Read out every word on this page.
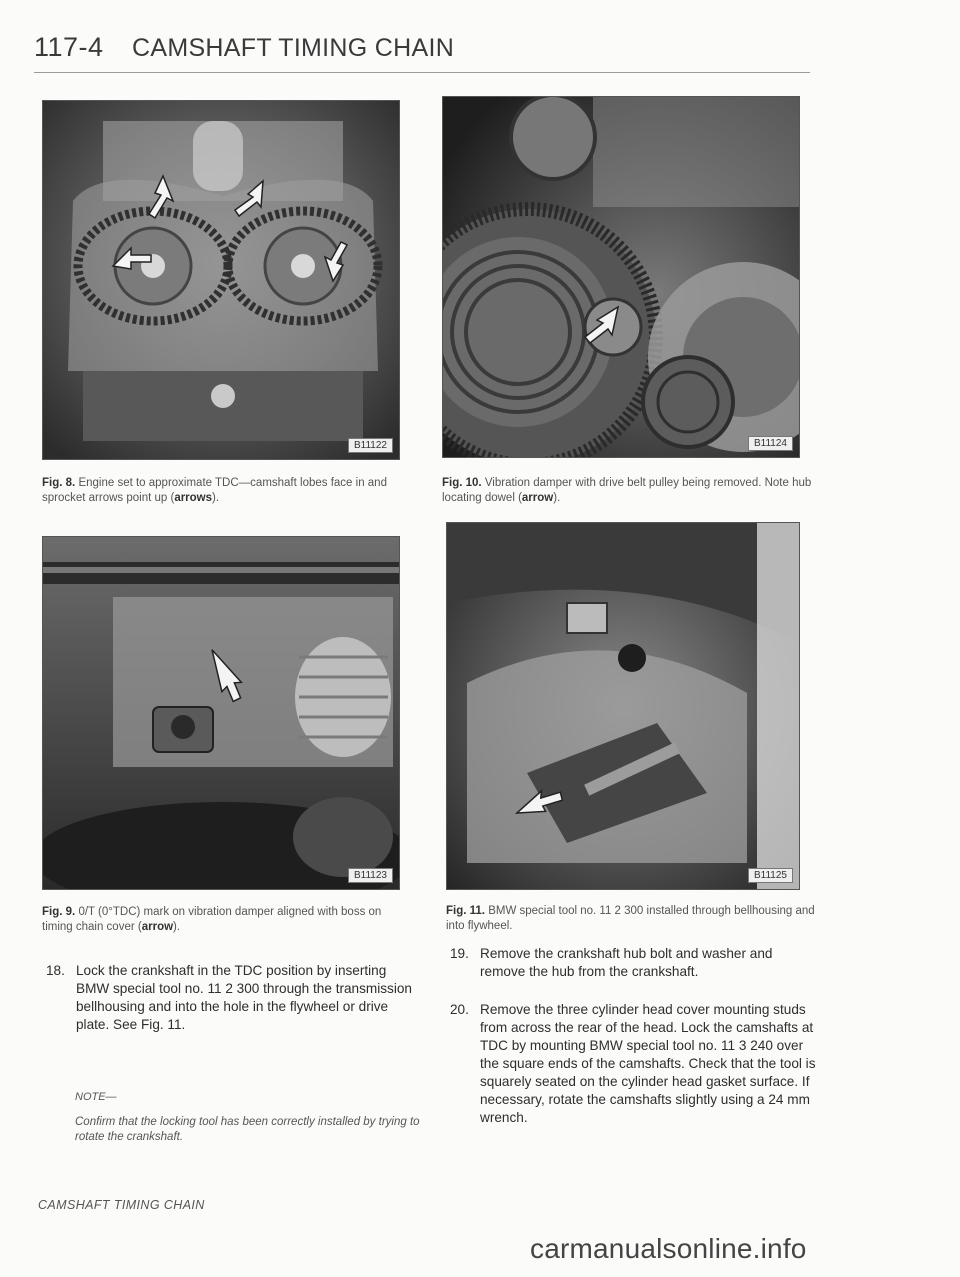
117-4 CAMSHAFT TIMING CHAIN
B11122
Fig. 8. Engine set to approximate TDC—camshaft lobes face in and sprocket arrows point up (arrows).
B11124
Fig. 10. Vibration damper with drive belt pulley being removed. Note hub locating dowel (arrow).
B11123
Fig. 9. 0/T (0°TDC) mark on vibration damper aligned with boss on timing chain cover (arrow).
B11125
Fig. 11. BMW special tool no. 11 2 300 installed through bellhousing and into flywheel.
18. Lock the crankshaft in the TDC position by inserting BMW special tool no. 11 2 300 through the transmission bellhousing and into the hole in the flywheel or drive plate. See Fig. 11.
NOTE—
Confirm that the locking tool has been correctly installed by trying to rotate the crankshaft.
19. Remove the crankshaft hub bolt and washer and remove the hub from the crankshaft.
20. Remove the three cylinder head cover mounting studs from across the rear of the head. Lock the camshafts at TDC by mounting BMW special tool no. 11 3 240 over the square ends of the camshafts. Check that the tool is squarely seated on the cylinder head gasket surface. If necessary, rotate the camshafts slightly using a 24 mm wrench.
CAMSHAFT TIMING CHAIN
carmanualsonline.info
